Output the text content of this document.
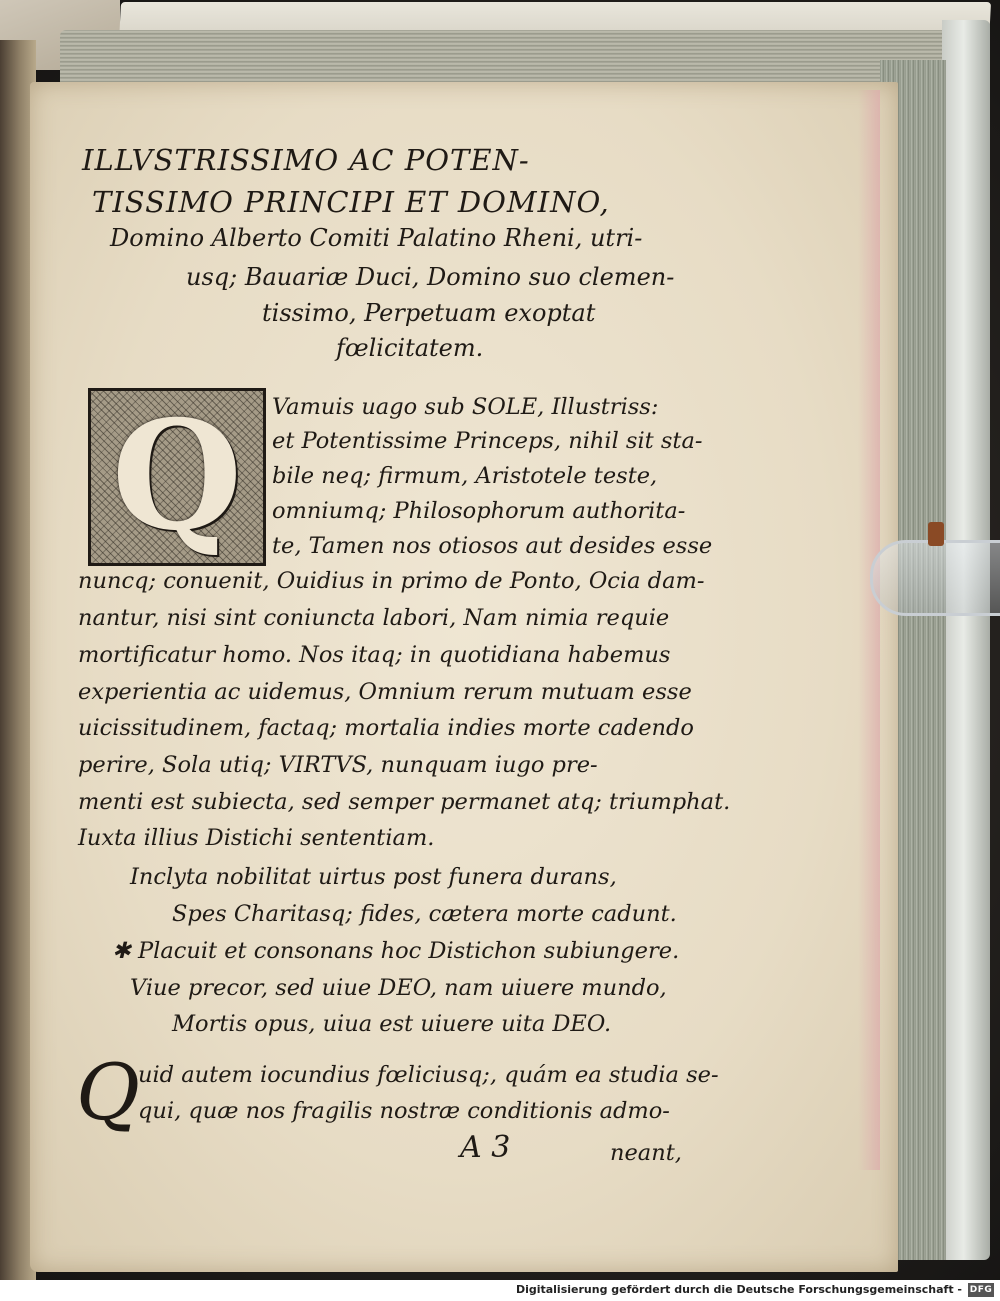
ILLVSTRISSIMO AC POTEN-

TISSIMO PRINCIPI ET DOMINO,

Domino Alberto Comiti Palatino Rheni, utri-

usq; Bauariæ Duci, Domino suo clemen-

tissimo, Perpetuam exoptat

fœlicitatem.

Q	Vamuis uago sub SOLE, Illustriss:

et Potentissime Princeps, nihil sit sta-

bile neq; firmum, Aristotele teste,

omniumq; Philosophorum authorita-

te, Tamen nos otiosos aut desides esse

nuncq; conuenit, Ouidius in primo de Ponto, Ocia dam-

nantur, nisi sint coniuncta labori, Nam nimia requie

mortificatur homo. Nos itaq; in quotidiana habemus

experientia ac uidemus, Omnium rerum mutuam esse

uicissitudinem, factaq; mortalia indies morte cadendo

perire, Sola utiq; VIRTVS, nunquam iugo pre-

menti est subiecta, sed semper permanet atq; triumphat.

Iuxta illius Distichi sententiam.

Inclyta nobilitat uirtus post funera durans,

Spes Charitasq; fides, cætera morte cadunt.

✱ Placuit et consonans hoc Distichon subiungere.

Viue precor, sed uiue DEO, nam uiuere mundo,

Mortis opus, uiua est uiuere uita DEO.

Q

uid autem iocundius fœliciusq;, quám ea studia se-

qui, quæ nos fragilis nostræ conditionis admo-

A 3	neant,
Digitalisierung gefördert durch die Deutsche Forschungsgemeinschaft - DFG
